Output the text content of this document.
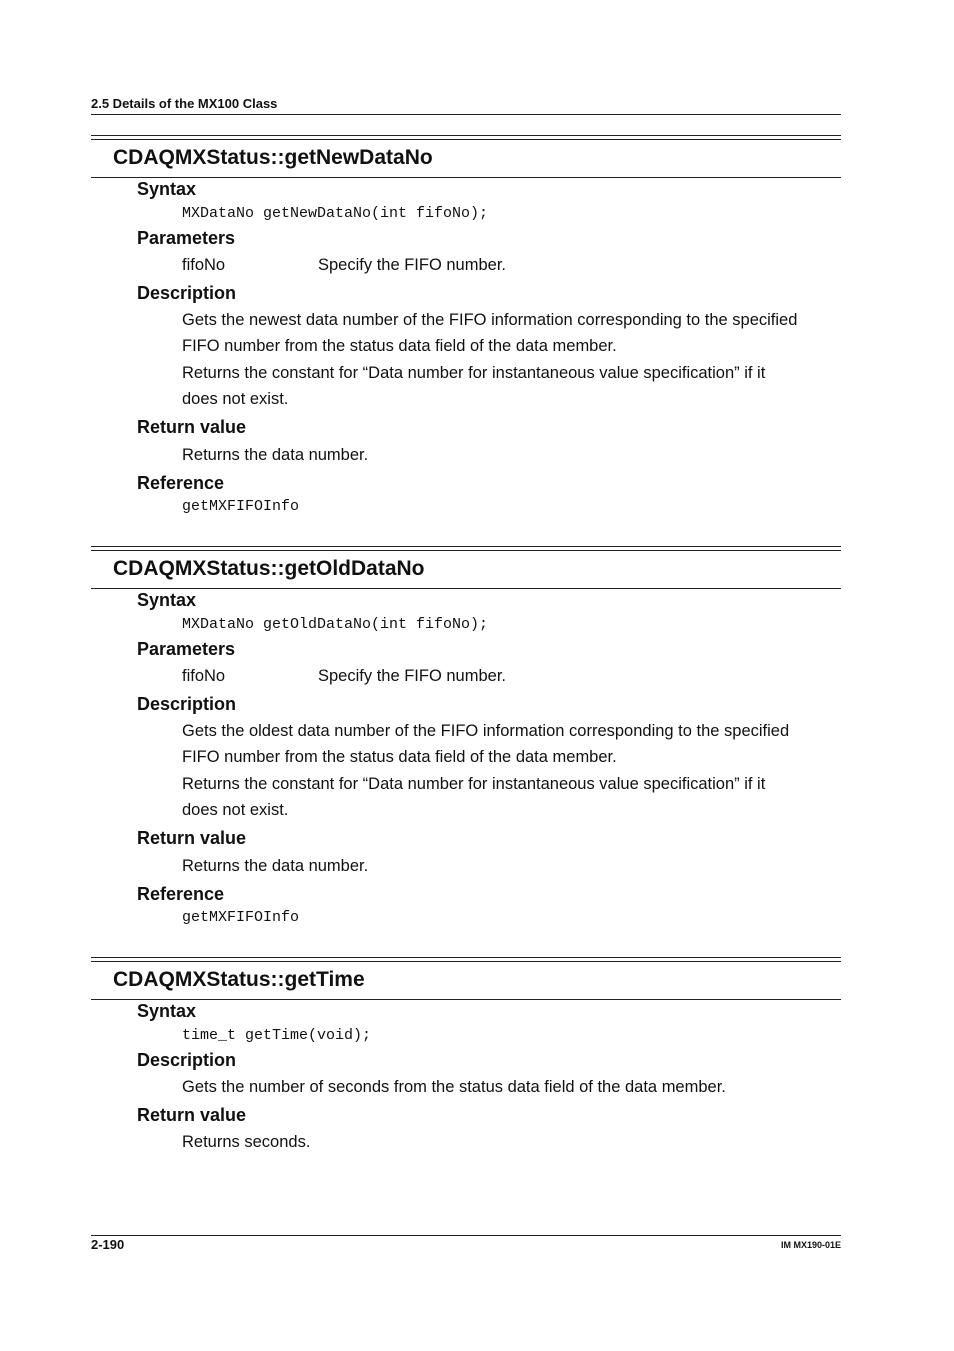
2.5 Details of the MX100 Class
CDAQMXStatus::getNewDataNo
Syntax
MXDataNo getNewDataNo(int fifoNo);
Parameters
fifoNo	Specify the FIFO number.
Description
Gets the newest data number of the FIFO information corresponding to the specified
FIFO number from the status data field of the data member.
Returns the constant for “Data number for instantaneous value specification” if it
does not exist.
Return value
Returns the data number.
Reference
getMXFIFOInfo
CDAQMXStatus::getOldDataNo
Syntax
MXDataNo getOldDataNo(int fifoNo);
Parameters
fifoNo	Specify the FIFO number.
Description
Gets the oldest data number of the FIFO information corresponding to the specified
FIFO number from the status data field of the data member.
Returns the constant for “Data number for instantaneous value specification” if it
does not exist.
Return value
Returns the data number.
Reference
getMXFIFOInfo
CDAQMXStatus::getTime
Syntax
time_t getTime(void);
Description
Gets the number of seconds from the status data field of the data member.
Return value
Returns seconds.
2-190	IM MX190-01E
